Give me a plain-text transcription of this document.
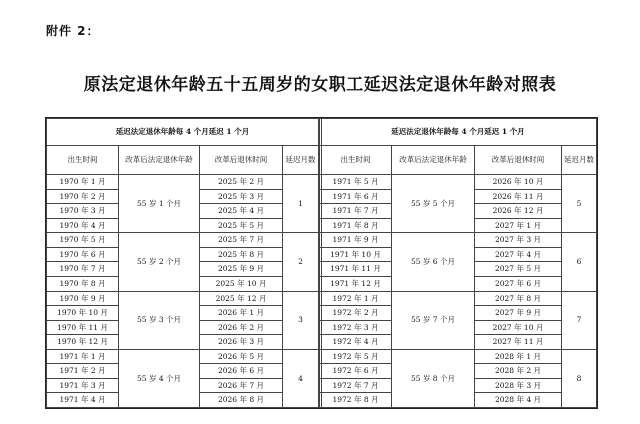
附件 2：
原法定退休年龄五十五周岁的女职工延迟法定退休年龄对照表
延迟法定退休年龄每 4 个月延迟 1 个月			
出生时间	改革后法定退休年龄	改革后退休时间	延迟月数
1970 年 1 月	55 岁 1 个月	2025 年 2 月	1
1970 年 2 月		2025 年 3 月	
1970 年 3 月		2025 年 4 月	
1970 年 4 月		2025 年 5 月	
1970 年 5 月	55 岁 2 个月	2025 年 7 月	2
1970 年 6 月		2025 年 8 月	
1970 年 7 月		2025 年 9 月	
1970 年 8 月		2025 年 10 月	
1970 年 9 月	55 岁 3 个月	2025 年 12 月	3
1970 年 10 月		2026 年 1 月	
1970 年 11 月		2026 年 2 月	
1970 年 12 月		2026 年 3 月	
1971 年 1 月	55 岁 4 个月	2026 年 5 月	4
1971 年 2 月		2026 年 6 月	
1971 年 3 月		2026 年 7 月	
1971 年 4 月		2026 年 8 月	
延迟法定退休年龄每 4 个月延迟 1 个月			
出生时间	改革后法定退休年龄	改革后退休时间	延迟月数
1971 年 5 月	55 岁 5 个月	2026 年 10 月	5
1971 年 6 月		2026 年 11 月	
1971 年 7 月		2026 年 12 月	
1971 年 8 月		2027 年 1 月	
1971 年 9 月	55 岁 6 个月	2027 年 3 月	6
1971 年 10 月		2027 年 4 月	
1971 年 11 月		2027 年 5 月	
1971 年 12 月		2027 年 6 月	
1972 年 1 月	55 岁 7 个月	2027 年 8 月	7
1972 年 2 月		2027 年 9 月	
1972 年 3 月		2027 年 10 月	
1972 年 4 月		2027 年 11 月	
1972 年 5 月	55 岁 8 个月	2028 年 1 月	8
1972 年 6 月		2028 年 2 月	
1972 年 7 月		2028 年 3 月	
1972 年 8 月		2028 年 4 月	
